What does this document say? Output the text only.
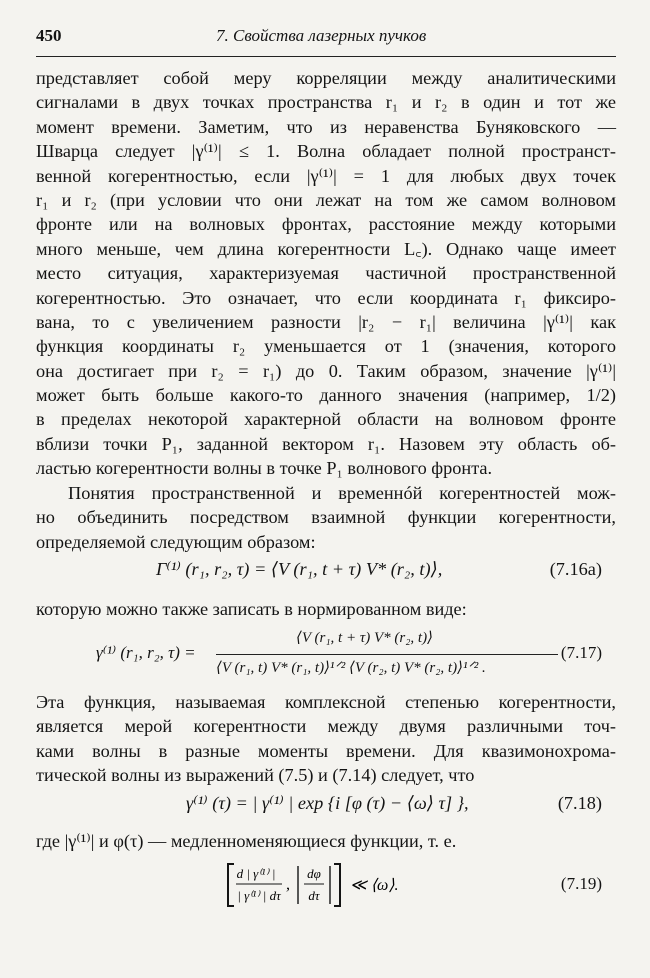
450	7. Свойства лазерных пучков
представляет собой меру корреляции между аналитическими
сигналами в двух точках пространства r₁ и r₂ в один и тот же
момент времени. Заметим, что из неравенства Буняковского —
Шварца следует |γ⁽¹⁾| ≤ 1. Волна обладает полной пространст-
венной когерентностью, если |γ⁽¹⁾| = 1 для любых двух точек
r₁ и r₂ (при условии что они лежат на том же самом волновом
фронте или на волновых фронтах, расстояние между которыми
много меньше, чем длина когерентности L꜀). Однако чаще имеет
место ситуация, характеризуемая частичной пространственной
когерентностью. Это означает, что если координата r₁ фиксиро-
вана, то с увеличением разности |r₂ − r₁| величина |γ⁽¹⁾| как
функция координаты r₂ уменьшается от 1 (значения, которого
она достигает при r₂ = r₁) до 0. Таким образом, значение |γ⁽¹⁾|
может быть больше какого-то данного значения (например, 1/2)
в пределах некоторой характерной области на волновом фронте
вблизи точки P₁, заданной вектором r₁. Назовем эту область об-
ластью когерентности волны в точке P₁ волнового фронта.
Понятия пространственной и временнóй когерентностей мож-
но объединить посредством взаимной функции когерентности,
определяемой следующим образом:
Γ⁽¹⁾ (r₁, r₂, τ) = ⟨V (r₁, t + τ) V* (r₂, t)⟩,	(7.16а)
которую можно также записать в нормированном виде:
γ⁽¹⁾ (r₁, r₂, τ) =
⟨V (r₁, t + τ) V* (r₂, t)⟩
⟨V (r₁, t) V* (r₁, t)⟩¹ᐟ² ⟨V (r₂, t) V* (r₂, t)⟩¹ᐟ² .
(7.17)
Эта функция, называемая комплексной степенью когерентности,
является мерой когерентности между двумя различными точ-
ками волны в разные моменты времени. Для квазимонохрома-
тической волны из выражений (7.5) и (7.14) следует, что
γ⁽¹⁾ (τ) = | γ⁽¹⁾ | exp {i [φ (τ) − ⟨ω⟩ τ] },	(7.18)
где |γ⁽¹⁾| и φ(τ) — медленноменяющиеся функции, т. е.
d | γ⁽¹⁾ |
| γ⁽¹⁾ | dτ
,
dφ
dτ
≪ ⟨ω⟩.	(7.19)
